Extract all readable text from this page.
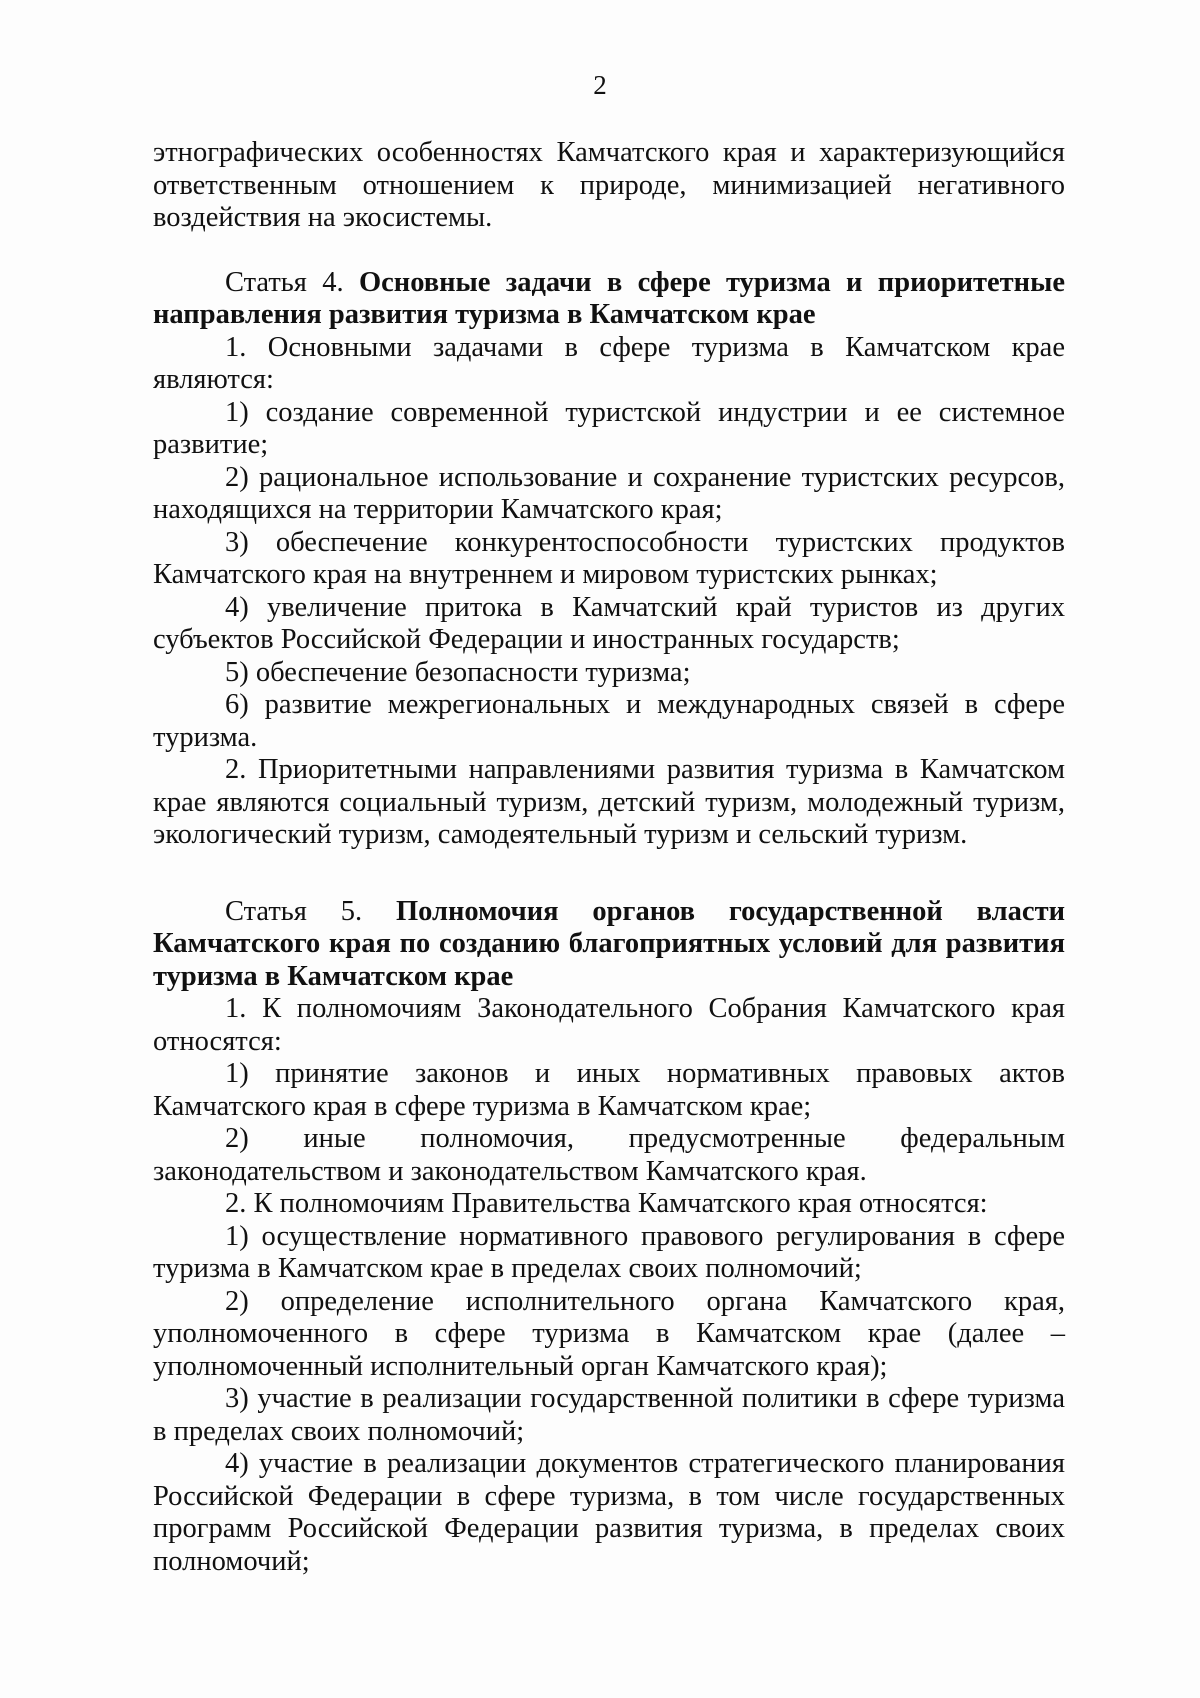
2

этнографических особенностях Камчатского края и характеризующийся ответственным отношением к природе, минимизацией негативного воздействия на экосистемы.

Статья 4. Основные задачи в сфере туризма и приоритетные направления развития туризма в Камчатском крае

1. Основными задачами в сфере туризма в Камчатском крае являются:

1) создание современной туристской индустрии и ее системное развитие;

2) рациональное использование и сохранение туристских ресурсов, находящихся на территории Камчатского края;

3) обеспечение конкурентоспособности туристских продуктов Камчатского края на внутреннем и мировом туристских рынках;

4) увеличение притока в Камчатский край туристов из других субъектов Российской Федерации и иностранных государств;

5) обеспечение безопасности туризма;

6) развитие межрегиональных и международных связей в сфере туризма.

2. Приоритетными направлениями развития туризма в Камчатском крае являются социальный туризм, детский туризм, молодежный туризм, экологический туризм, самодеятельный туризм и сельский туризм.

Статья 5. Полномочия органов государственной власти Камчатского края по созданию благоприятных условий для развития туризма в Камчатском крае

1. К полномочиям Законодательного Собрания Камчатского края относятся:

1) принятие законов и иных нормативных правовых актов Камчатского края в сфере туризма в Камчатском крае;

2) иные полномочия, предусмотренные федеральным законодательством и законодательством Камчатского края.

2. К полномочиям Правительства Камчатского края относятся:

1) осуществление нормативного правового регулирования в сфере туризма в Камчатском крае в пределах своих полномочий;

2) определение исполнительного органа Камчатского края, уполномоченного в сфере туризма в Камчатском крае (далее – уполномоченный исполнительный орган Камчатского края);

3) участие в реализации государственной политики в сфере туризма в пределах своих полномочий;

4) участие в реализации документов стратегического планирования Российской Федерации в сфере туризма, в том числе государственных программ Российской Федерации развития туризма, в пределах своих полномочий;
